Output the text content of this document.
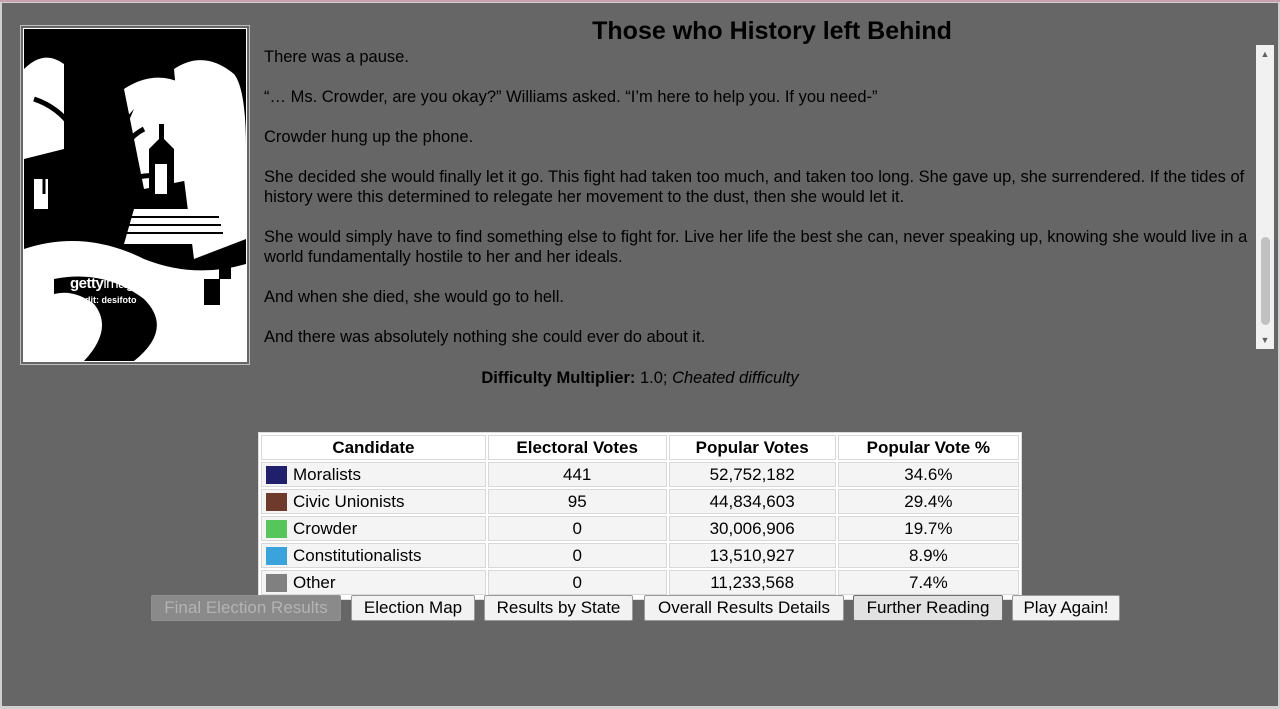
Those who History left Behind
gettyimages
Credit: desifoto

There was a pause.

“… Ms. Crowder, are you okay?” Williams asked. “I’m here to help you. If you need-”

Crowder hung up the phone.

She decided she would finally let it go. This fight had taken too much, and taken too long. She gave up, she surrendered. If the tides of history were this determined to relegate her movement to the dust, then she would let it.

She would simply have to find something else to fight for. Live her life the best she can, never speaking up, knowing she would live in a world fundamentally hostile to her and her ideals.

And when she died, she would go to hell.

And there was absolutely nothing she could ever do about it.

▲
▼
Difficulty Multiplier: 1.0; Cheated difficulty
Candidate	Electoral Votes	Popular Votes	Popular Vote %
Moralists	441	52,752,182	34.6%
Civic Unionists	95	44,834,603	29.4%
Crowder	0	30,006,906	19.7%
Constitutionalists	0	13,510,927	8.9%
Other	0	11,233,568	7.4%
Final Election Results	Election Map	Results by State	Overall Results Details	Further Reading	Play Again!
